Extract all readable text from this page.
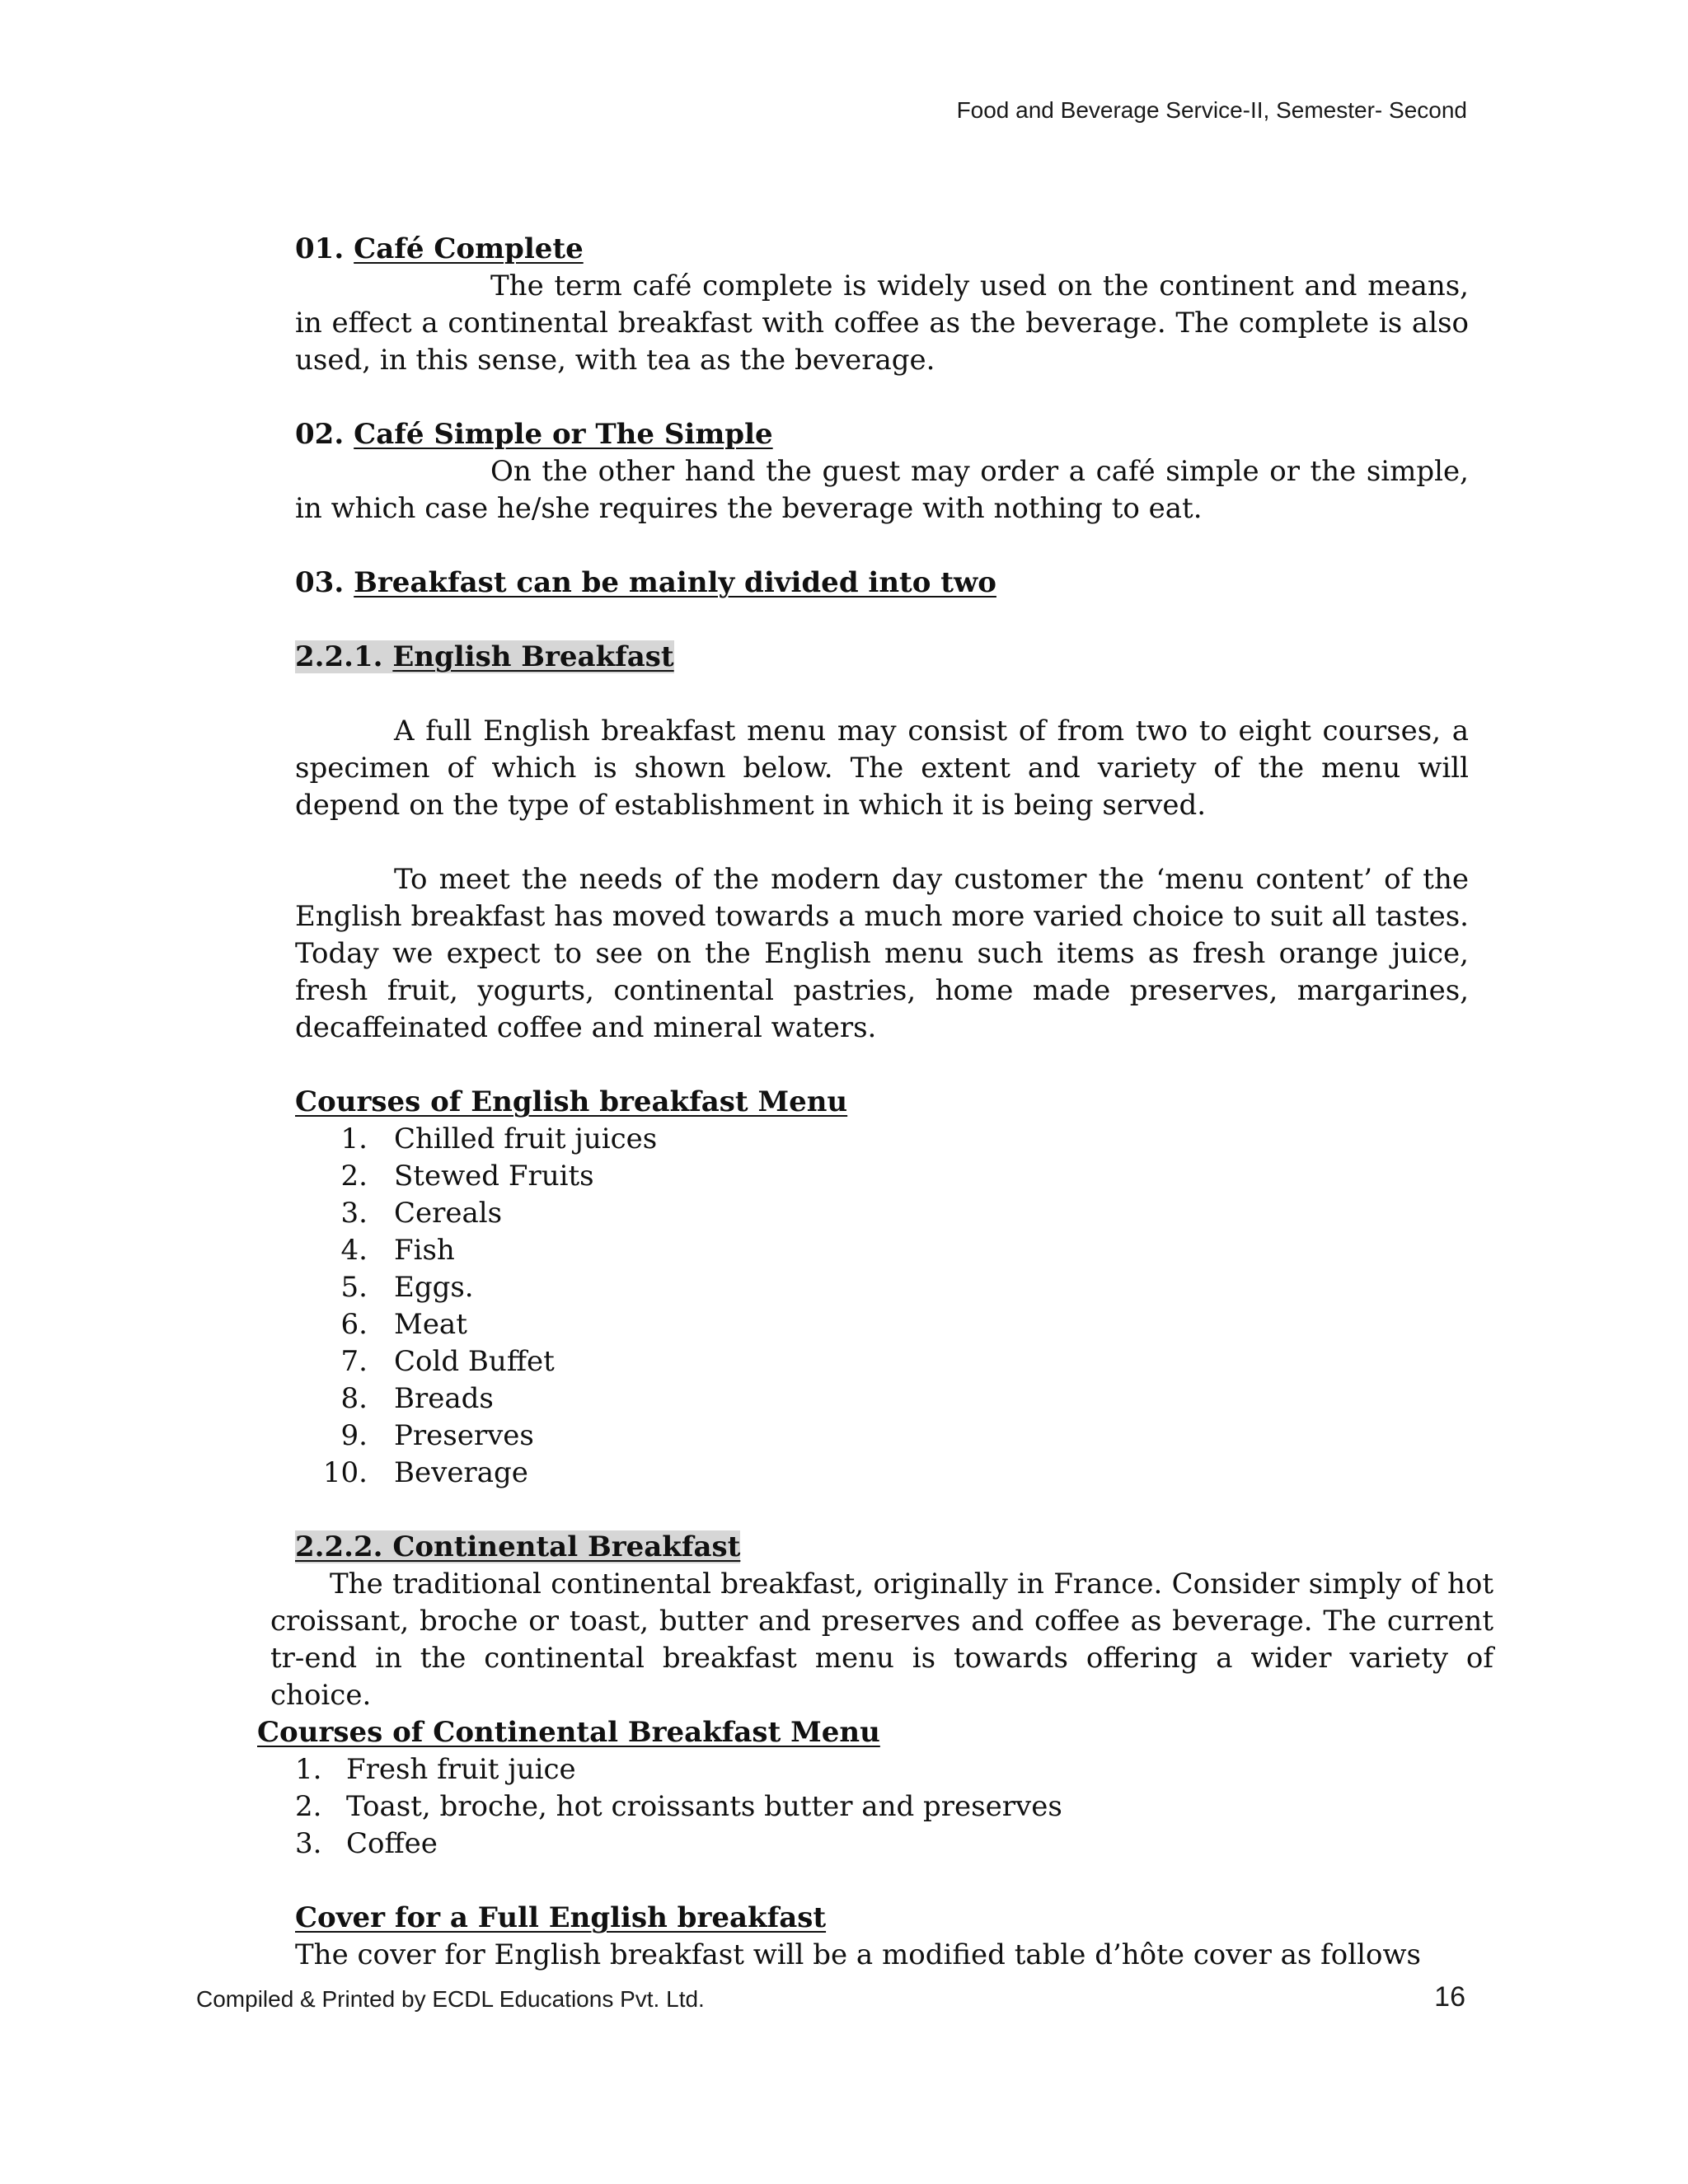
Food and Beverage Service-II, Semester- Second
01. Café Complete

The term café complete is widely used on the continent and means, in effect a continental breakfast with coffee as the beverage. The complete is also used, in this sense, with tea as the beverage.

02. Café Simple or The Simple

On the other hand the guest may order a café simple or the simple, in which case he/she requires the beverage with nothing to eat.

03. Breakfast can be mainly divided into two
2.2.1. English Breakfast

A full English breakfast menu may consist of from two to eight courses, a specimen of which is shown below. The extent and variety of the menu will depend on the type of establishment in which it is being served.

To meet the needs of the modern day customer the ‘menu content’ of the English breakfast has moved towards a much more varied choice to suit all tastes. Today we expect to see on the English menu such items as fresh orange juice, fresh fruit, yogurts, continental pastries, home made preserves, margarines, decaffeinated coffee and mineral waters.

Courses of English breakfast Menu
1. Chilled fruit juices
2. Stewed Fruits
3. Cereals
4. Fish
5. Eggs.
6. Meat
7. Cold Buffet
8. Breads
9. Preserves
10. Beverage
2.2.2. Continental Breakfast

The traditional continental breakfast, originally in France. Consider simply of hot croissant, broche or toast, butter and preserves and coffee as beverage. The current tr-end in the continental breakfast menu is towards offering a wider variety of choice.

Courses of Continental Breakfast Menu
1. Fresh fruit juice
2. Toast, broche, hot croissants butter and preserves
3. Coffee
Cover for a Full English breakfast

The cover for English breakfast will be a modified table d’hôte cover as follows

Compiled & Printed by ECDL Educations Pvt. Ltd.	16
